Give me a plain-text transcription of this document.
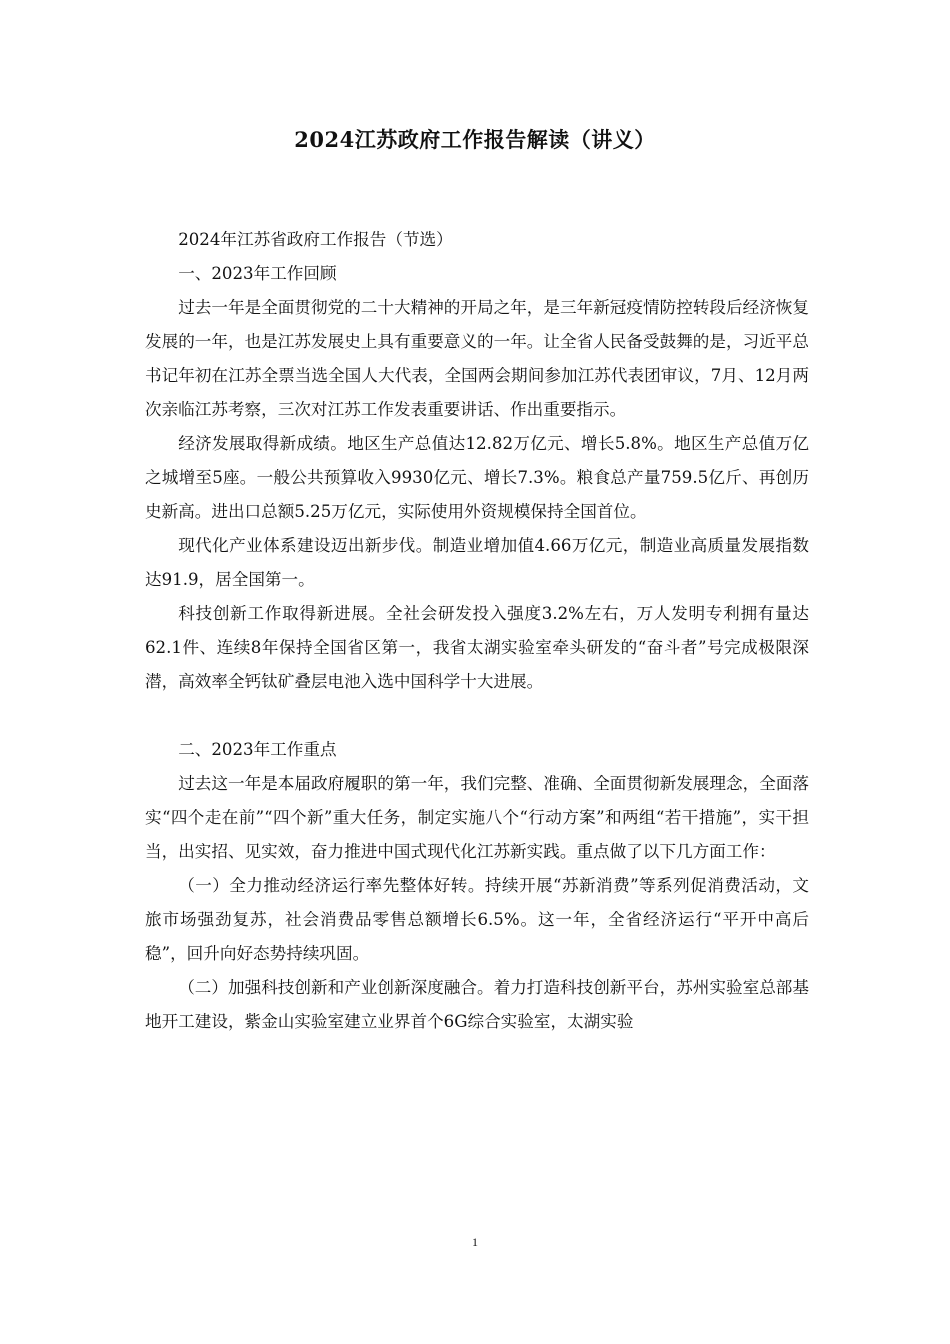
2024江苏政府工作报告解读（讲义）

2024年江苏省政府工作报告（节选）

一、2023年工作回顾

过去一年是全面贯彻党的二十大精神的开局之年，是三年新冠疫情防控转段后经济恢复发展的一年，也是江苏发展史上具有重要意义的一年。让全省人民备受鼓舞的是，习近平总书记年初在江苏全票当选全国人大代表，全国两会期间参加江苏代表团审议，7月、12月两次亲临江苏考察，三次对江苏工作发表重要讲话、作出重要指示。

经济发展取得新成绩。地区生产总值达12.82万亿元、增长5.8%。地区生产总值万亿之城增至5座。一般公共预算收入9930亿元、增长7.3%。粮食总产量759.5亿斤、再创历史新高。进出口总额5.25万亿元，实际使用外资规模保持全国首位。

现代化产业体系建设迈出新步伐。制造业增加值4.66万亿元，制造业高质量发展指数达91.9，居全国第一。

科技创新工作取得新进展。全社会研发投入强度3.2%左右，万人发明专利拥有量达62.1件、连续8年保持全国省区第一，我省太湖实验室牵头研发的“奋斗者”号完成极限深潜，高效率全钙钛矿叠层电池入选中国科学十大进展。

二、2023年工作重点

过去这一年是本届政府履职的第一年，我们完整、准确、全面贯彻新发展理念，全面落实“四个走在前”“四个新”重大任务，制定实施八个“行动方案”和两组“若干措施”，实干担当，出实招、见实效，奋力推进中国式现代化江苏新实践。重点做了以下几方面工作：

（一）全力推动经济运行率先整体好转。持续开展“苏新消费”等系列促消费活动，文旅市场强劲复苏，社会消费品零售总额增长6.5%。这一年，全省经济运行“平开中高后稳”，回升向好态势持续巩固。

（二）加强科技创新和产业创新深度融合。着力打造科技创新平台，苏州实验室总部基地开工建设，紫金山实验室建立业界首个6G综合实验室，太湖实验

1
